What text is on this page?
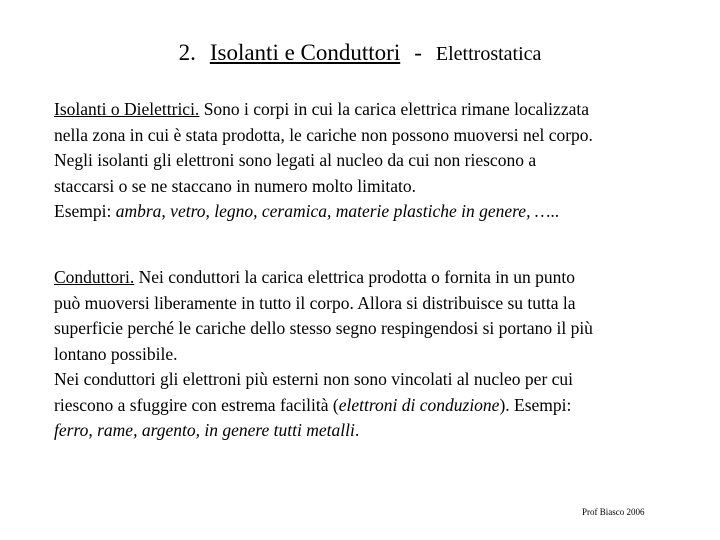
2. Isolanti e Conduttori - Elettrostatica
Isolanti o Dielettrici. Sono i corpi in cui la carica elettrica rimane localizzata
nella zona in cui è stata prodotta, le cariche non possono muoversi nel corpo.
Negli isolanti gli elettroni sono legati al nucleo da cui non riescono a
staccarsi o se ne staccano in numero molto limitato.
Esempi: ambra, vetro, legno, ceramica, materie plastiche in genere, …..
Conduttori. Nei conduttori la carica elettrica prodotta o fornita in un punto
può muoversi liberamente in tutto il corpo. Allora si distribuisce su tutta la
superficie perché le cariche dello stesso segno respingendosi si portano il più
lontano possibile.
Nei conduttori gli elettroni più esterni non sono vincolati al nucleo per cui
riescono a sfuggire con estrema facilità (elettroni di conduzione). Esempi:
ferro, rame, argento, in genere tutti metalli.
Prof Biasco 2006
